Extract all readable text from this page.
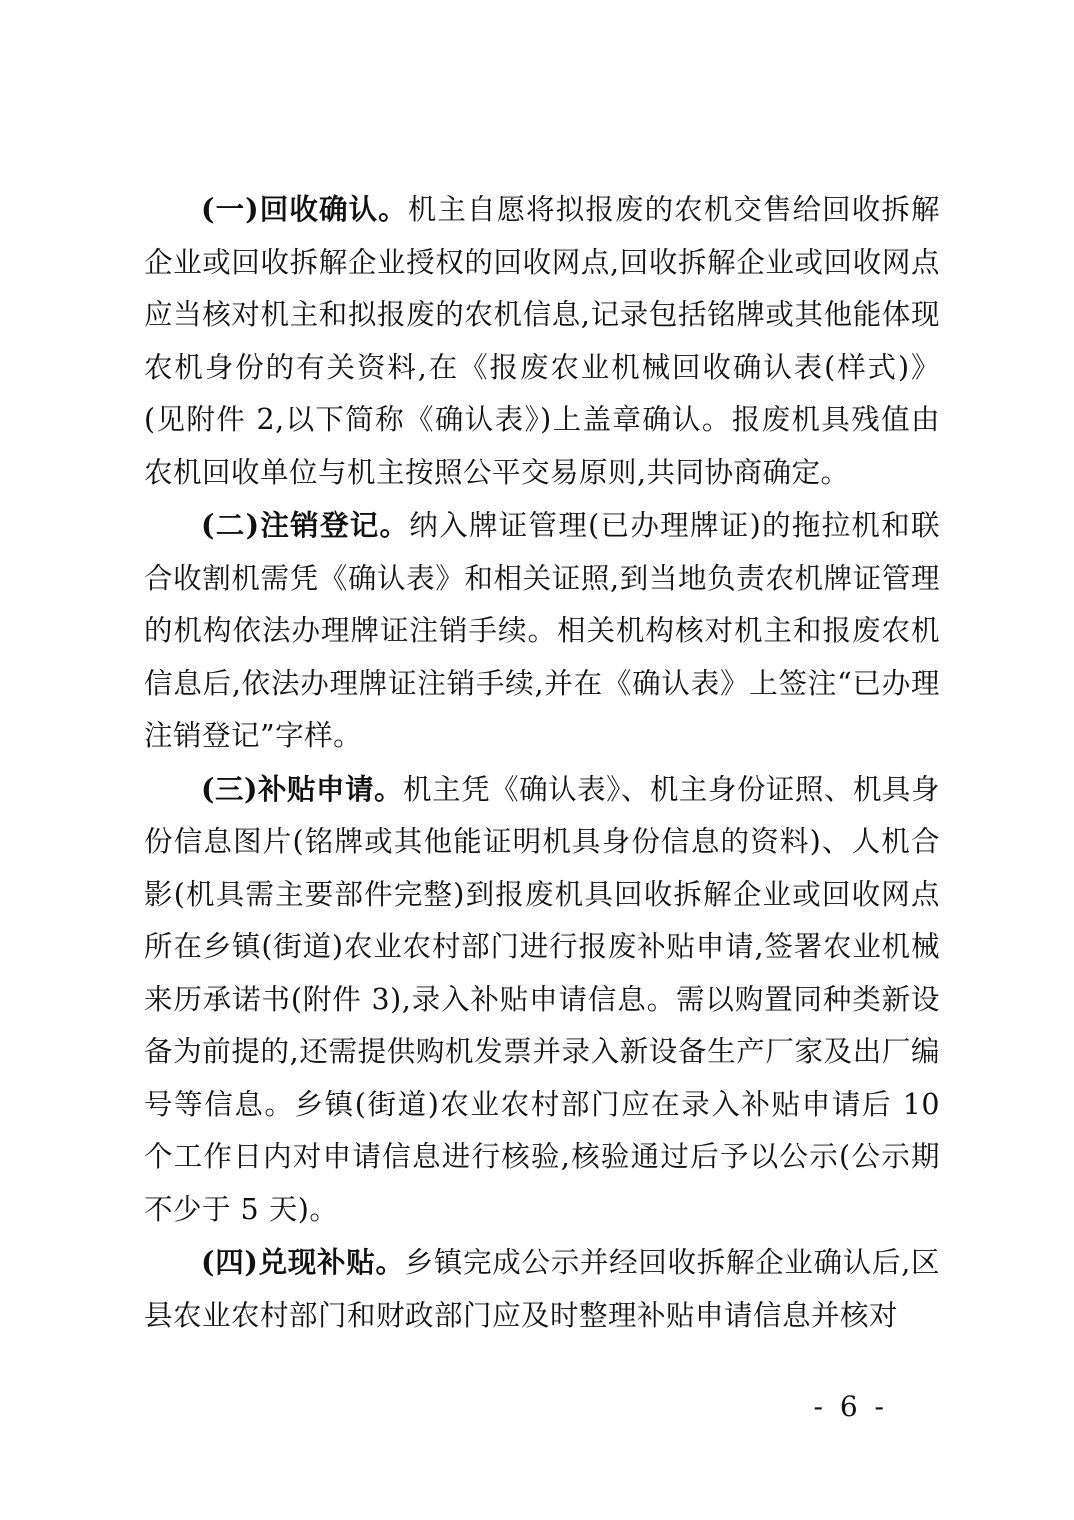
(一)回收确认。机主自愿将拟报废的农机交售给回收拆解企业或回收拆解企业授权的回收网点,回收拆解企业或回收网点应当核对机主和拟报废的农机信息,记录包括铭牌或其他能体现农机身份的有关资料,在《报废农业机械回收确认表(样式)》(见附件 2,以下简称《确认表》)上盖章确认。报废机具残值由农机回收单位与机主按照公平交易原则,共同协商确定。

(二)注销登记。纳入牌证管理(已办理牌证)的拖拉机和联合收割机需凭《确认表》和相关证照,到当地负责农机牌证管理的机构依法办理牌证注销手续。相关机构核对机主和报废农机信息后,依法办理牌证注销手续,并在《确认表》上签注“已办理注销登记”字样。

(三)补贴申请。机主凭《确认表》、机主身份证照、机具身份信息图片(铭牌或其他能证明机具身份信息的资料)、人机合影(机具需主要部件完整)到报废机具回收拆解企业或回收网点所在乡镇(街道)农业农村部门进行报废补贴申请,签署农业机械来历承诺书(附件 3),录入补贴申请信息。需以购置同种类新设备为前提的,还需提供购机发票并录入新设备生产厂家及出厂编号等信息。乡镇(街道)农业农村部门应在录入补贴申请后 10 个工作日内对申请信息进行核验,核验通过后予以公示(公示期不少于 5 天)。

(四)兑现补贴。乡镇完成公示并经回收拆解企业确认后,区县农业农村部门和财政部门应及时整理补贴申请信息并核对

- 6 -
